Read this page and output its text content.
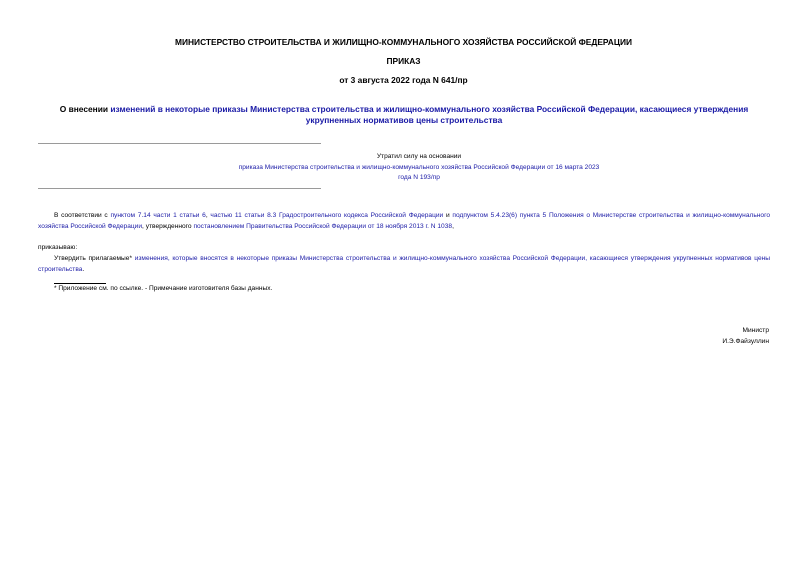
МИНИСТЕРСТВО СТРОИТЕЛЬСТВА И ЖИЛИЩНО-КОММУНАЛЬНОГО ХОЗЯЙСТВА РОССИЙСКОЙ ФЕДЕРАЦИИ
ПРИКАЗ
от 3 августа 2022 года N 641/пр
О внесении изменений в некоторые приказы Министерства строительства и жилищно-коммунального хозяйства Российской Федерации, касающиеся утверждения укрупненных нормативов цены строительства
Утратил силу на основании
приказа Министерства строительства и жилищно-коммунального хозяйства Российской Федерации от 16 марта 2023 года N 193/пр
В соответствии с пунктом 7.14 части 1 статьи 6, частью 11 статьи 8.3 Градостроительного кодекса Российской Федерации и подпунктом 5.4.23(6) пункта 5 Положения о Министерстве строительства и жилищно-коммунального хозяйства Российской Федерации, утвержденного постановлением Правительства Российской Федерации от 18 ноября 2013 г. N 1038,
приказываю:
Утвердить прилагаемые* изменения, которые вносятся в некоторые приказы Министерства строительства и жилищно-коммунального хозяйства Российской Федерации, касающиеся утверждения укрупненных нормативов цены строительства.
* Приложение см. по ссылке. - Примечание изготовителя базы данных.
Министр
И.Э.Файзуллин
